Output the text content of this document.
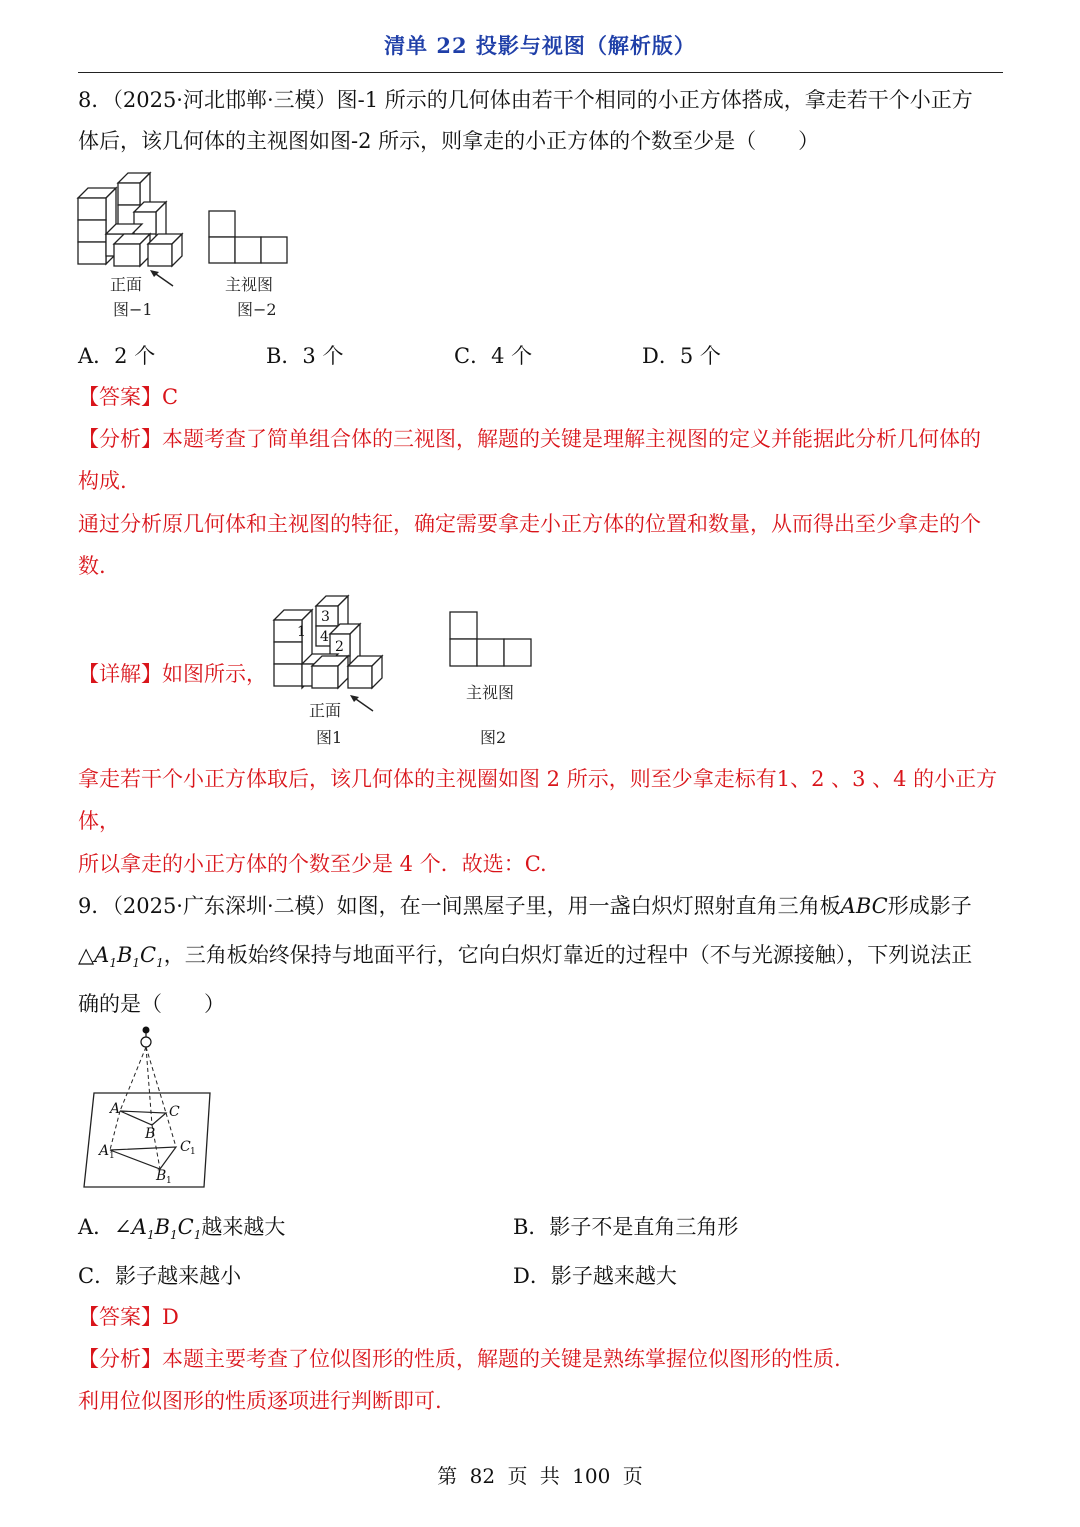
清单 22 投影与视图（解析版）
8．（2025·河北邯郸·三模）图-1 所示的几何体由若干个相同的小正方体搭成，拿走若干个小正方
体后，该几何体的主视图如图-2 所示，则拿走的小正方体的个数至少是（　　）
正面
图−1
主视图
图−2
A．2 个	B．3 个	C．4 个	D．5 个
【答案】C
【分析】本题考查了简单组合体的三视图，解题的关键是理解主视图的定义并能据此分析几何体的
构成.
通过分析原几何体和主视图的特征，确定需要拿走小正方体的位置和数量，从而得出至少拿走的个
数.
【详解】如图所示，
1
2
3
4
正面
图1
主视图
图2
拿走若干个小正方体取后，该几何体的主视圈如图 2 所示，则至少拿走标有1、2 、3 、4 的小正方
体，
所以拿走的小正方体的个数至少是 4 个．故选：C.
9．（2025·广东深圳·二模）如图，在一间黑屋子里，用一盏白炽灯照射直角三角板ABC形成影子
$\triangle A_1B_1C_1$，三角板始终保持与地面平行，它向白炽灯靠近的过程中（不与光源接触），下列说法正
确的是（　　）
A	C
B
A 1
C 1
B 1
A．$\angle A_1B_1C_1$越来越大	B．影子不是直角三角形
C．影子越来越小	D．影子越来越大
【答案】D
【分析】本题主要考查了位似图形的性质，解题的关键是熟练掌握位似图形的性质.
利用位似图形的性质逐项进行判断即可.
第 82 页 共 100 页
